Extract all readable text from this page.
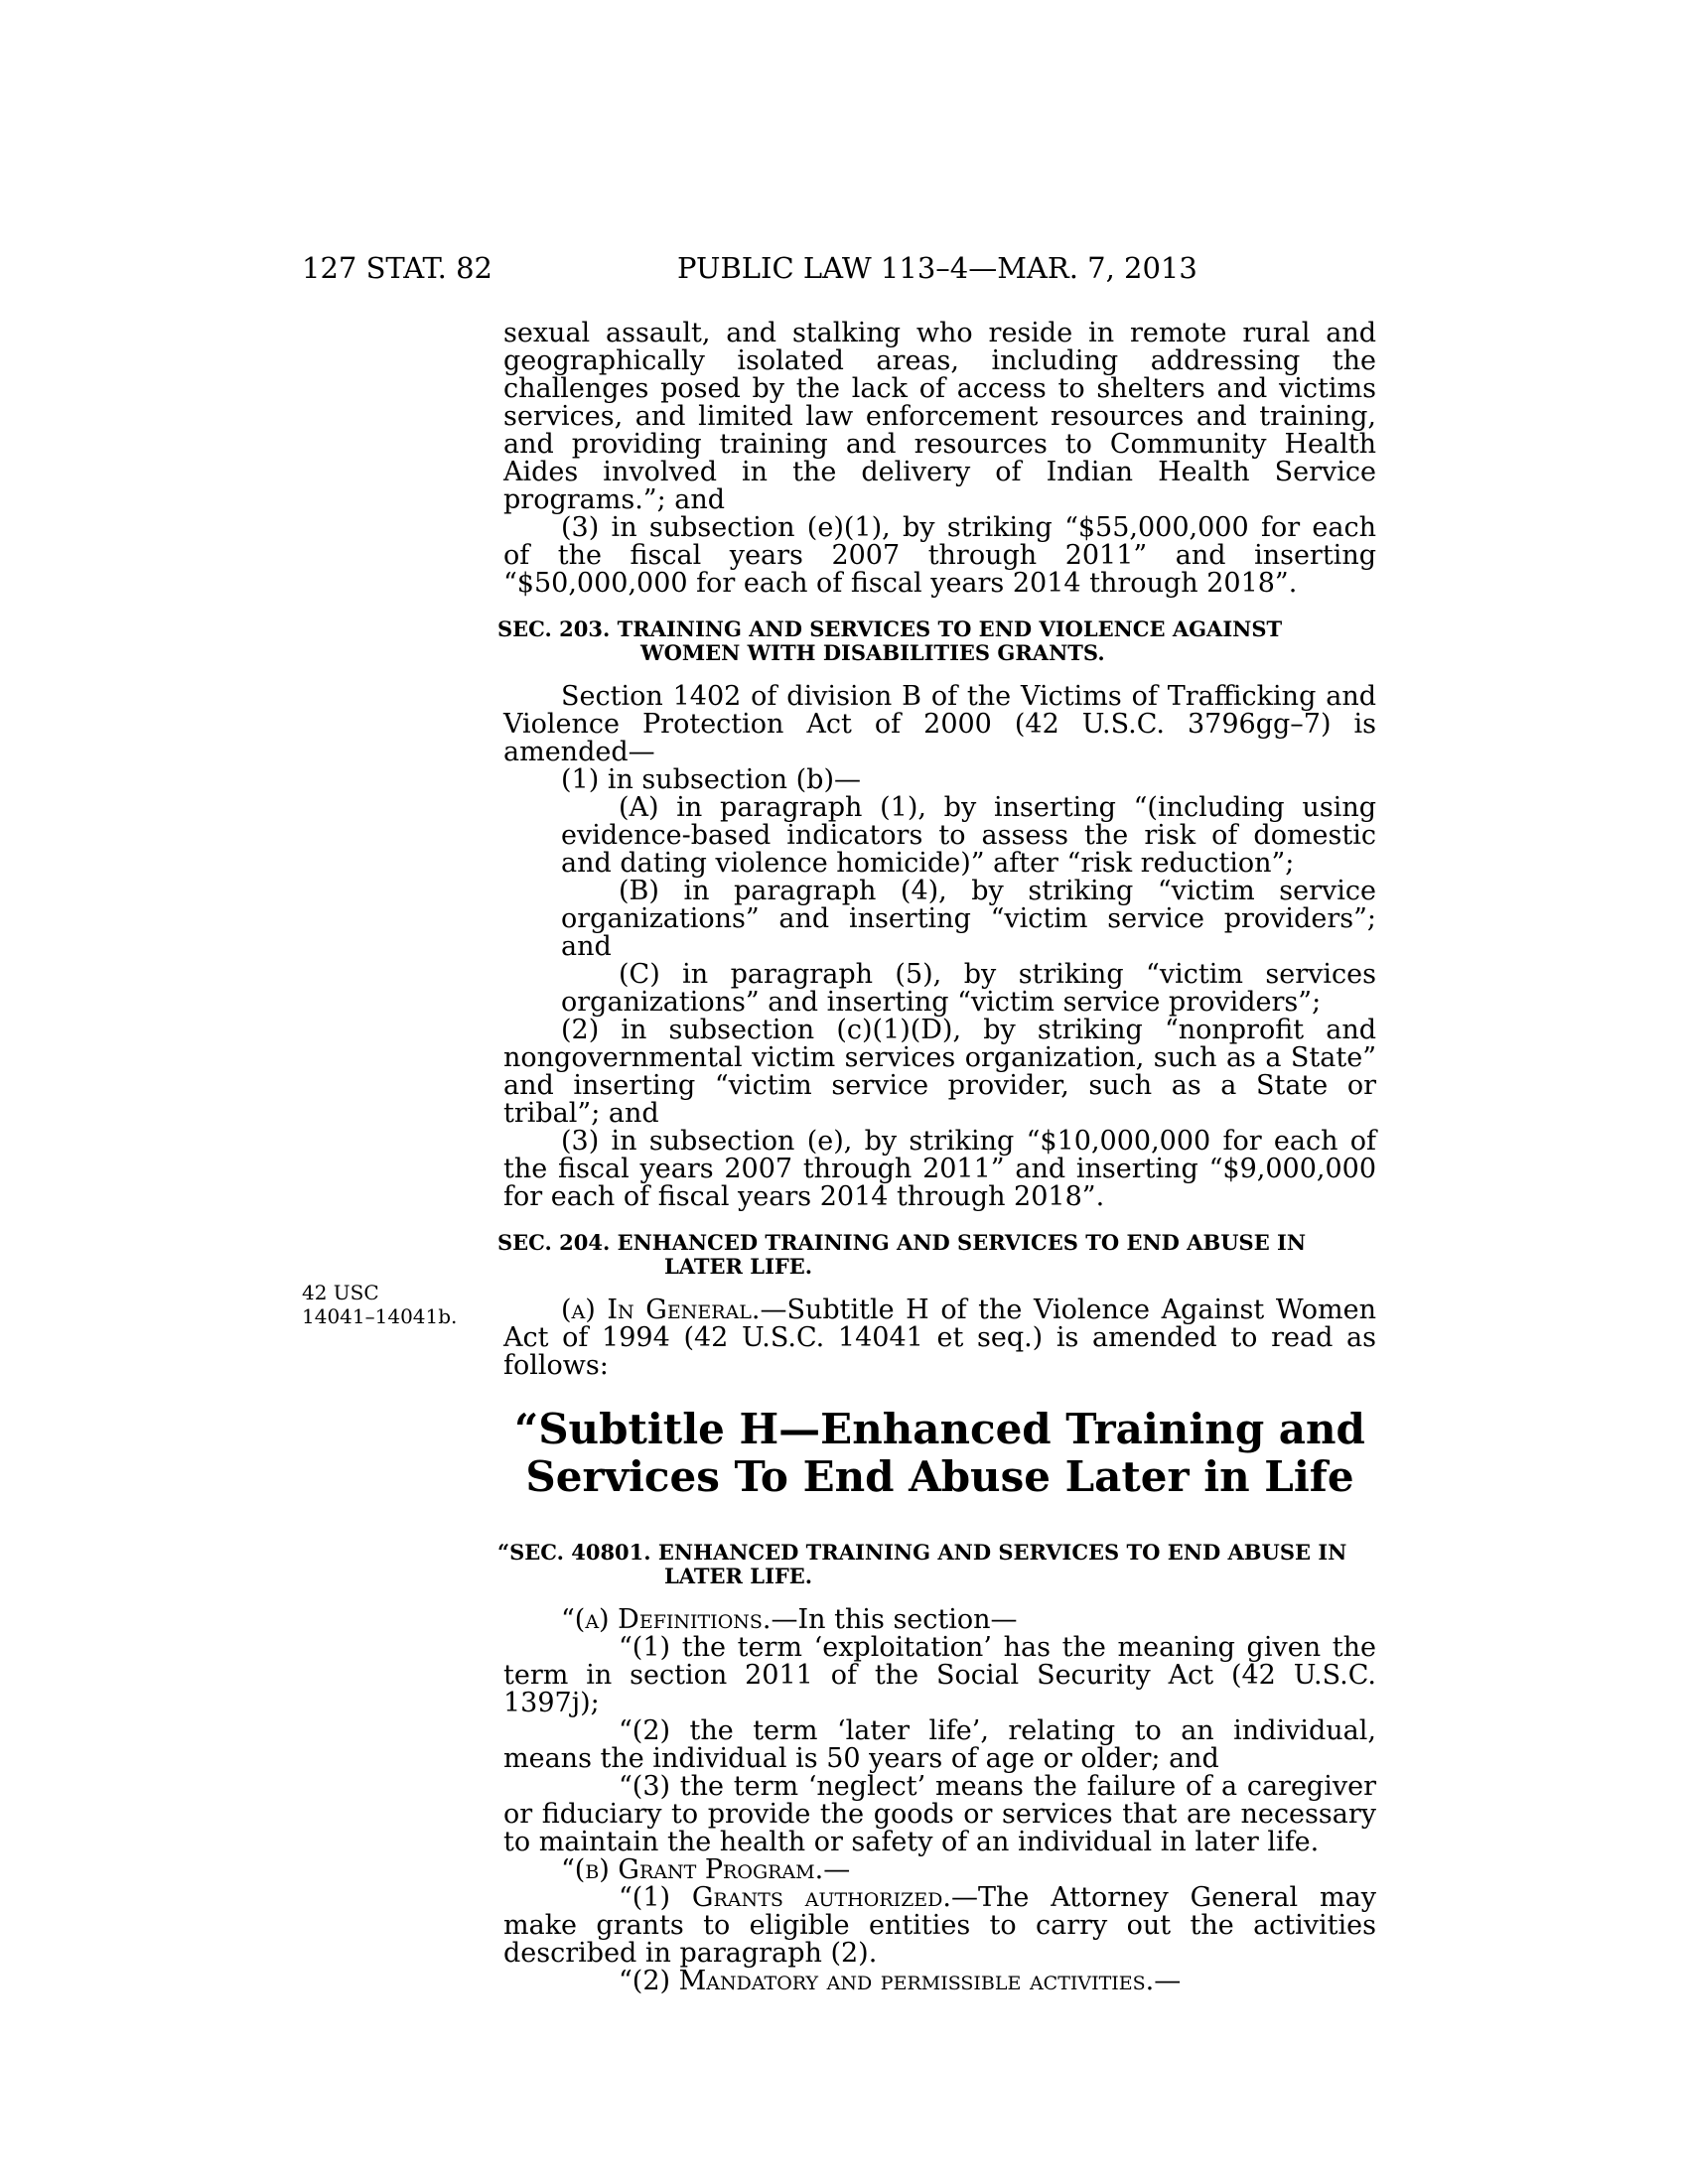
127 STAT. 82	PUBLIC LAW 113–4—MAR. 7, 2013
42 USC
14041–14041b.

sexual assault, and stalking who reside in remote rural and geographically isolated areas, including addressing the challenges posed by the lack of access to shelters and victims services, and limited law enforcement resources and training, and providing training and resources to Community Health Aides involved in the delivery of Indian Health Service programs.”; and

(3) in subsection (e)(1), by striking “$55,000,000 for each of the fiscal years 2007 through 2011” and inserting “$50,000,000 for each of fiscal years 2014 through 2018”.

SEC. 203. TRAINING AND SERVICES TO END VIOLENCE AGAINST
WOMEN WITH DISABILITIES GRANTS.

Section 1402 of division B of the Victims of Trafficking and Violence Protection Act of 2000 (42 U.S.C. 3796gg–7) is amended—

(1) in subsection (b)—

(A) in paragraph (1), by inserting “(including using evidence-based indicators to assess the risk of domestic and dating violence homicide)” after “risk reduction”;

(B) in paragraph (4), by striking “victim service organizations” and inserting “victim service providers”; and

(C) in paragraph (5), by striking “victim services organizations” and inserting “victim service providers”;

(2) in subsection (c)(1)(D), by striking “nonprofit and nongovernmental victim services organization, such as a State” and inserting “victim service provider, such as a State or tribal”; and

(3) in subsection (e), by striking “$10,000,000 for each of the fiscal years 2007 through 2011” and inserting “$9,000,000 for each of fiscal years 2014 through 2018”.

SEC. 204. ENHANCED TRAINING AND SERVICES TO END ABUSE IN
LATER LIFE.

(a) In General.—Subtitle H of the Violence Against Women Act of 1994 (42 U.S.C. 14041 et seq.) is amended to read as follows:

“Subtitle H—Enhanced Training and
Services To End Abuse Later in Life
“SEC. 40801. ENHANCED TRAINING AND SERVICES TO END ABUSE IN
LATER LIFE.

“(a) Definitions.—In this section—

“(1) the term ‘exploitation’ has the meaning given the term in section 2011 of the Social Security Act (42 U.S.C. 1397j);

“(2) the term ‘later life’, relating to an individual, means the individual is 50 years of age or older; and

“(3) the term ‘neglect’ means the failure of a caregiver or fiduciary to provide the goods or services that are necessary to maintain the health or safety of an individual in later life.

“(b) Grant Program.—

“(1) Grants authorized.—The Attorney General may make grants to eligible entities to carry out the activities described in paragraph (2).

“(2) Mandatory and permissible activities.—
